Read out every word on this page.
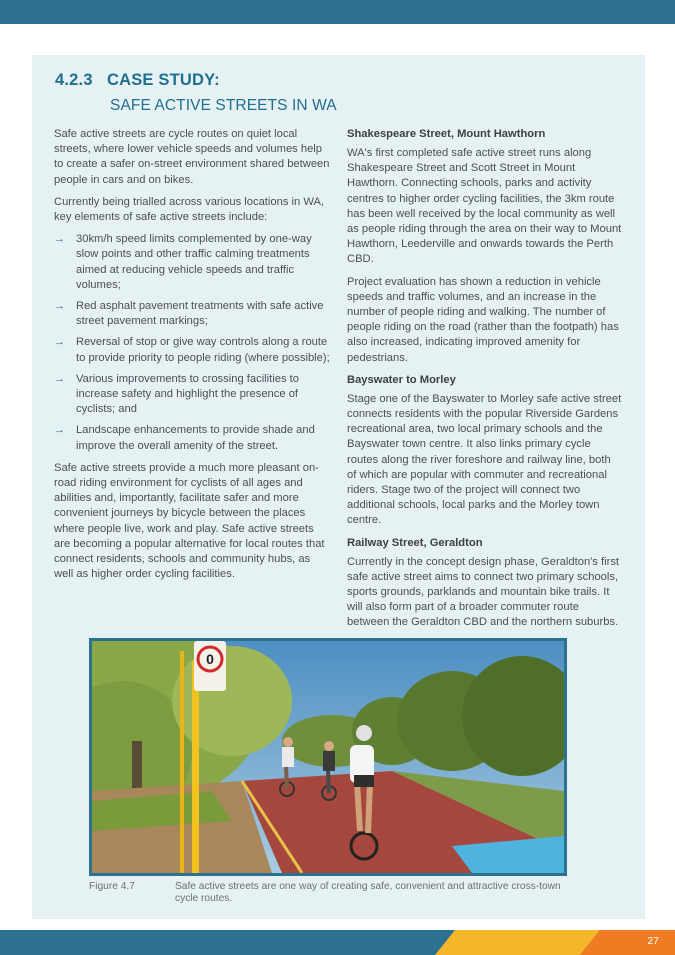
4.2.3 CASE STUDY:
SAFE ACTIVE STREETS IN WA

Safe active streets are cycle routes on quiet local streets, where lower vehicle speeds and volumes help to create a safer on-street environment shared between people in cars and on bikes.

Currently being trialled across various locations in WA, key elements of safe active streets include:

→ 30km/h speed limits complemented by one-way slow points and other traffic calming treatments aimed at reducing vehicle speeds and traffic volumes;
→ Red asphalt pavement treatments with safe active street pavement markings;
→ Reversal of stop or give way controls along a route to provide priority to people riding (where possible);
→ Various improvements to crossing facilities to increase safety and highlight the presence of cyclists; and
→ Landscape enhancements to provide shade and improve the overall amenity of the street.

Safe active streets provide a much more pleasant on-road riding environment for cyclists of all ages and abilities and, importantly, facilitate safer and more convenient journeys by bicycle between the places where people live, work and play. Safe active streets are becoming a popular alternative for local routes that connect residents, schools and community hubs, as well as higher order cycling facilities.

Shakespeare Street, Mount Hawthorn

WA's first completed safe active street runs along Shakespeare Street and Scott Street in Mount Hawthorn. Connecting schools, parks and activity centres to higher order cycling facilities, the 3km route has been well received by the local community as well as people riding through the area on their way to Mount Hawthorn, Leederville and onwards towards the Perth CBD.

Project evaluation has shown a reduction in vehicle speeds and traffic volumes, and an increase in the number of people riding and walking. The number of people riding on the road (rather than the footpath) has also increased, indicating improved amenity for pedestrians.

Bayswater to Morley

Stage one of the Bayswater to Morley safe active street connects residents with the popular Riverside Gardens recreational area, two local primary schools and the Bayswater town centre. It also links primary cycle routes along the river foreshore and railway line, both of which are popular with commuter and recreational riders. Stage two of the project will connect two additional schools, local parks and the Morley town centre.

Railway Street, Geraldton

Currently in the concept design phase, Geraldton's first safe active street aims to connect two primary schools, sports grounds, parklands and mountain bike trails. It will also form part of a broader commuter route between the Geraldton CBD and the northern suburbs.

0
Figure 4.7	Safe active streets are one way of creating safe, convenient and attractive cross-town cycle routes.
27
